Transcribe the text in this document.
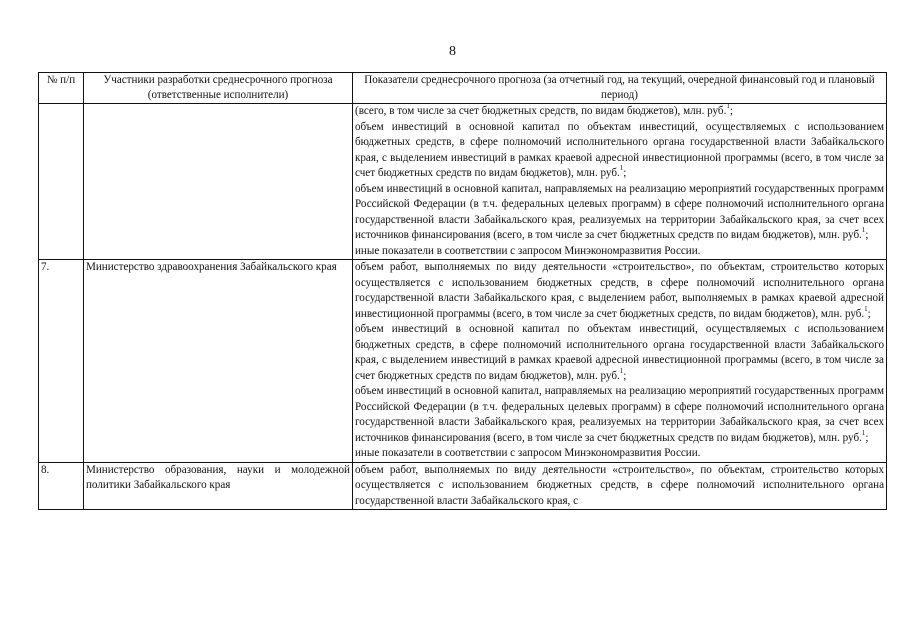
8
№ п/п	Участники разработки среднесрочного прогноза (ответственные исполнители)	Показатели среднесрочного прогноза (за отчетный год, на текущий, очередной финансовый год и плановый период)

		(всего, в том числе за счет бюджетных средств, по видам бюджетов), млн. руб.$^1$;

объем инвестиций в основной капитал по объектам инвестиций, осуществляемых с использованием бюджетных средств, в сфере полномочий исполнительного органа государственной власти Забайкальского края, с выделением инвестиций в рамках краевой адресной инвестиционной программы (всего, в том числе за счет бюджетных средств по видам бюджетов), млн. руб.$^1$;

объем инвестиций в основной капитал, направляемых на реализацию мероприятий государственных программ Российской Федерации (в т.ч. федеральных целевых программ) в сфере полномочий исполнительного органа государственной власти Забайкальского края, реализуемых на территории Забайкальского края, за счет всех источников финансирования (всего, в том числе за счет бюджетных средств по видам бюджетов), млн. руб.$^1$;

иные показатели в соответствии с запросом Минэкономразвития России.

7.	Министерство здравоохранения Забайкальского края	объем работ, выполняемых по виду деятельности «строительство», по объектам, строительство которых осуществляется с использованием бюджетных средств, в сфере полномочий исполнительного органа государственной власти Забайкальского края, с выделением работ, выполняемых в рамках краевой адресной инвестиционной программы (всего, в том числе за счет бюджетных средств, по видам бюджетов), млн. руб.$^1$;

объем инвестиций в основной капитал по объектам инвестиций, осуществляемых с использованием бюджетных средств, в сфере полномочий исполнительного органа государственной власти Забайкальского края, с выделением инвестиций в рамках краевой адресной инвестиционной программы (всего, в том числе за счет бюджетных средств по видам бюджетов), млн. руб.$^1$;

объем инвестиций в основной капитал, направляемых на реализацию мероприятий государственных программ Российской Федерации (в т.ч. федеральных целевых программ) в сфере полномочий исполнительного органа государственной власти Забайкальского края, реализуемых на территории Забайкальского края, за счет всех источников финансирования (всего, в том числе за счет бюджетных средств по видам бюджетов), млн. руб.$^1$;

иные показатели в соответствии с запросом Минэкономразвития России.

8.	Министерство образования, науки и молодежной политики Забайкальского края	объем работ, выполняемых по виду деятельности «строительство», по объектам, строительство которых осуществляется с использованием бюджетных средств, в сфере полномочий исполнительного органа государственной власти Забайкальского края, с
